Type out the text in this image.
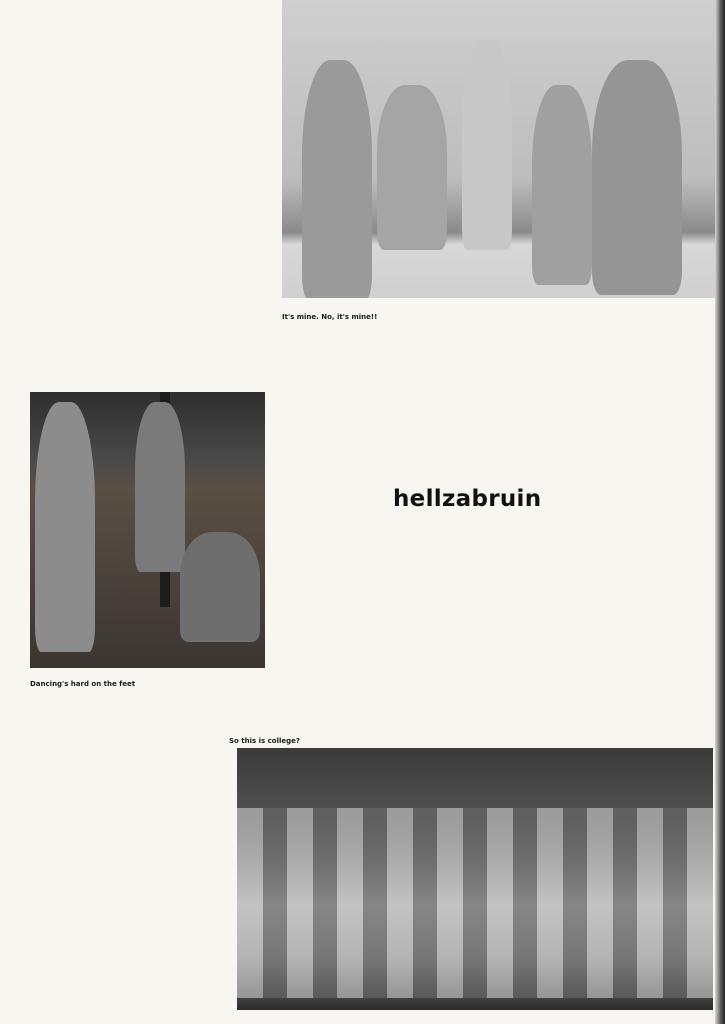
It's mine. No, it's mine!!
Dancing's hard on the feet
hellzabruin
So this is college?
